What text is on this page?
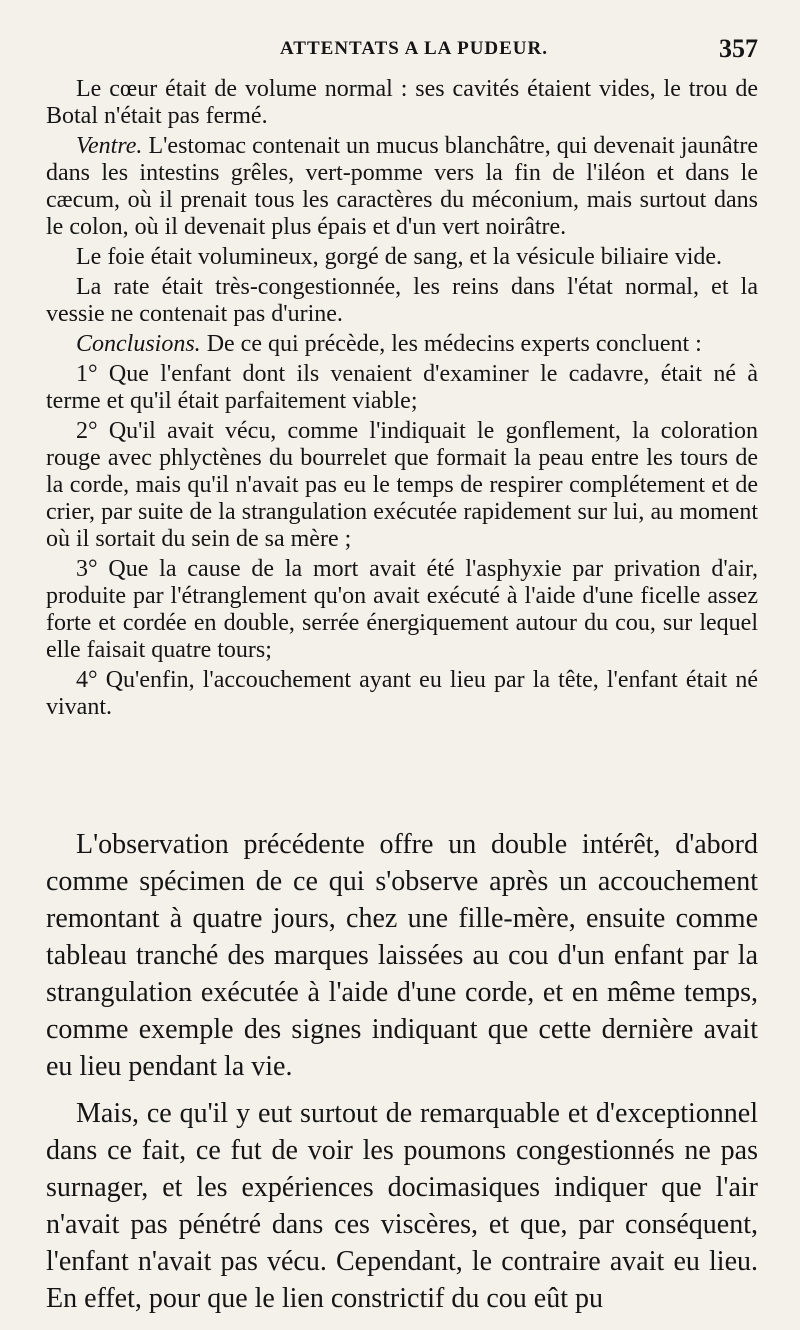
ATTENTATS A LA PUDEUR.	357

Le cœur était de volume normal : ses cavités étaient vides, le trou de Botal n'était pas fermé.

Ventre. L'estomac contenait un mucus blanchâtre, qui devenait jaunâtre dans les intestins grêles, vert-pomme vers la fin de l'iléon et dans le cæcum, où il prenait tous les caractères du méconium, mais surtout dans le colon, où il devenait plus épais et d'un vert noirâtre.

Le foie était volumineux, gorgé de sang, et la vésicule biliaire vide.

La rate était très-congestionnée, les reins dans l'état normal, et la vessie ne contenait pas d'urine.

Conclusions. De ce qui précède, les médecins experts concluent :

1° Que l'enfant dont ils venaient d'examiner le cadavre, était né à terme et qu'il était parfaitement viable;

2° Qu'il avait vécu, comme l'indiquait le gonflement, la coloration rouge avec phlyctènes du bourrelet que formait la peau entre les tours de la corde, mais qu'il n'avait pas eu le temps de respirer complétement et de crier, par suite de la strangulation exécutée rapidement sur lui, au moment où il sortait du sein de sa mère ;

3° Que la cause de la mort avait été l'asphyxie par privation d'air, produite par l'étranglement qu'on avait exécuté à l'aide d'une ficelle assez forte et cordée en double, serrée énergiquement autour du cou, sur lequel elle faisait quatre tours;

4° Qu'enfin, l'accouchement ayant eu lieu par la tête, l'enfant était né vivant.

L'observation précédente offre un double intérêt, d'abord comme spécimen de ce qui s'observe après un accouchement remontant à quatre jours, chez une fille-mère, ensuite comme tableau tranché des marques laissées au cou d'un enfant par la strangulation exécutée à l'aide d'une corde, et en même temps, comme exemple des signes indiquant que cette dernière avait eu lieu pendant la vie.

Mais, ce qu'il y eut surtout de remarquable et d'exceptionnel dans ce fait, ce fut de voir les poumons congestionnés ne pas surnager, et les expériences docimasiques indiquer que l'air n'avait pas pénétré dans ces viscères, et que, par conséquent, l'enfant n'avait pas vécu. Cependant, le contraire avait eu lieu. En effet, pour que le lien constrictif du cou eût pu
